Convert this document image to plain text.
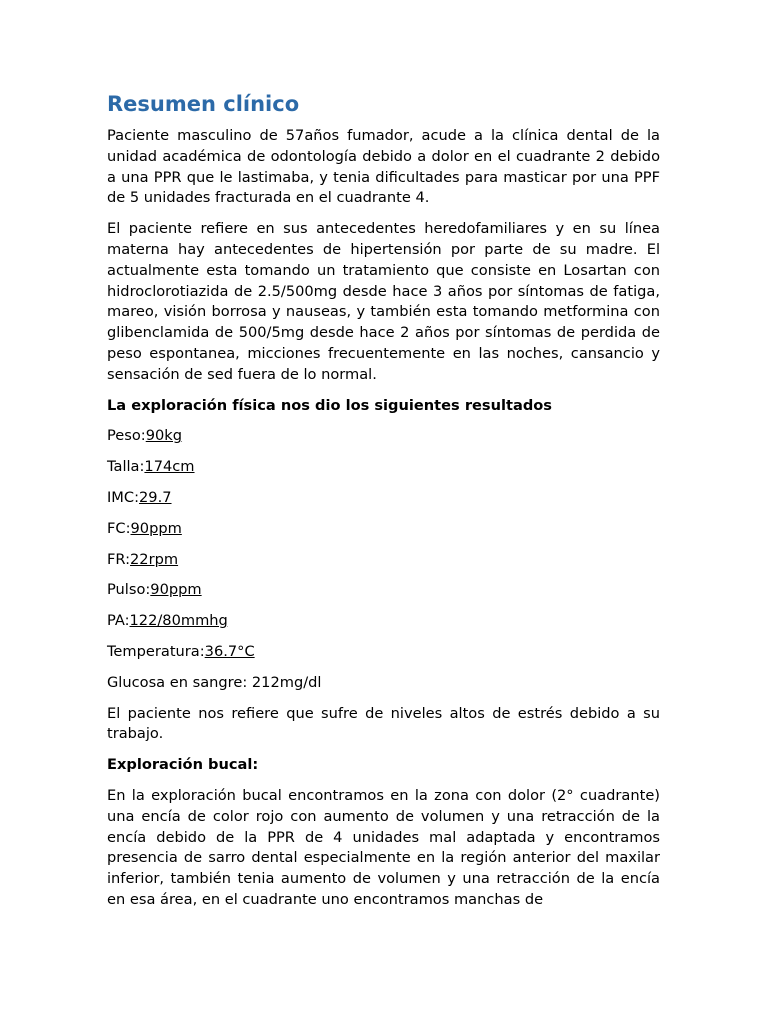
Resumen clínico

Paciente masculino de 57años fumador, acude a la clínica dental de la unidad académica de odontología debido a dolor en el cuadrante 2 debido a una PPR que le lastimaba, y tenia dificultades para masticar por una PPF de 5 unidades fracturada en el cuadrante 4.

El paciente refiere en sus antecedentes heredofamiliares y en su línea materna hay antecedentes de hipertensión por parte de su madre. El actualmente esta tomando un tratamiento que consiste en Losartan con hidroclorotiazida de 2.5/500mg desde hace 3 años por síntomas de fatiga, mareo, visión borrosa y nauseas, y también esta tomando metformina con glibenclamida de 500/5mg desde hace 2 años por síntomas de perdida de peso espontanea, micciones frecuentemente en las noches, cansancio y sensación de sed fuera de lo normal.

La exploración física nos dio los siguientes resultados

Peso:90kg

Talla:174cm

IMC:29.7

FC:90ppm

FR:22rpm

Pulso:90ppm

PA:122/80mmhg

Temperatura:36.7°C

Glucosa en sangre: 212mg/dl

El paciente nos refiere que sufre de niveles altos de estrés debido a su trabajo.

Exploración bucal:

En la exploración bucal encontramos en la zona con dolor (2° cuadrante) una encía de color rojo con aumento de volumen y una retracción de la encía debido de la PPR de 4 unidades mal adaptada y encontramos presencia de sarro dental especialmente en la región anterior del maxilar inferior, también tenia aumento de volumen y una retracción de la encía en esa área, en el cuadrante uno encontramos manchas de
